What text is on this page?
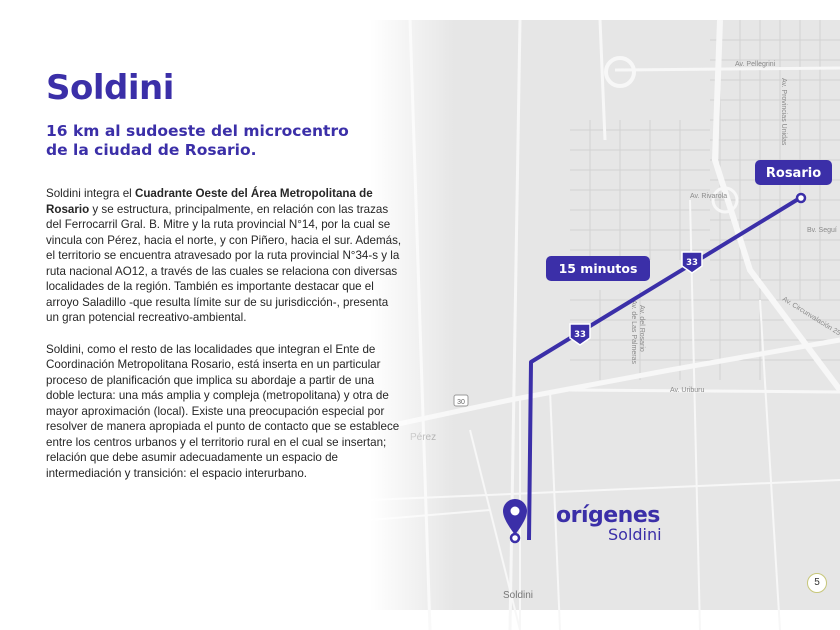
33
33
15 minutos
Rosario
orígenes
Soldini
Soldini

16 km al sudoeste del microcentro
de la ciudad de Rosario.

Soldini integra el Cuadrante Oeste del Área Metropolitana de Rosario y se estructura, principalmente, en relación con las trazas del Ferrocarril Gral. B. Mitre y la ruta provincial N°14, por la cual se vincula con Pérez, hacia el norte, y con Piñero, hacia el sur. Además, el territorio se encuentra atravesado por la ruta provincial N°34-s y la ruta nacional AO12, a través de las cuales se relaciona con diversas localidades de la región. También es importante destacar que el arroyo Saladillo -que resulta límite sur de su jurisdicción-, presenta un gran potencial recreativo-ambiental.

Soldini, como el resto de las localidades que integran el Ente de Coordinación Metropolitana Rosario, está inserta en un particular proceso de planificación que implica su abordaje a partir de una doble lectura: una más amplia y compleja (metropolitana) y otra de mayor aproximación (local). Existe una preocupación especial por resolver de manera apropiada el punto de contacto que se establece entre los centros urbanos y el territorio rural en el cual se insertan; relación que debe asumir adecuadamente un espacio de intermediación y transición: el espacio interurbano.

5
